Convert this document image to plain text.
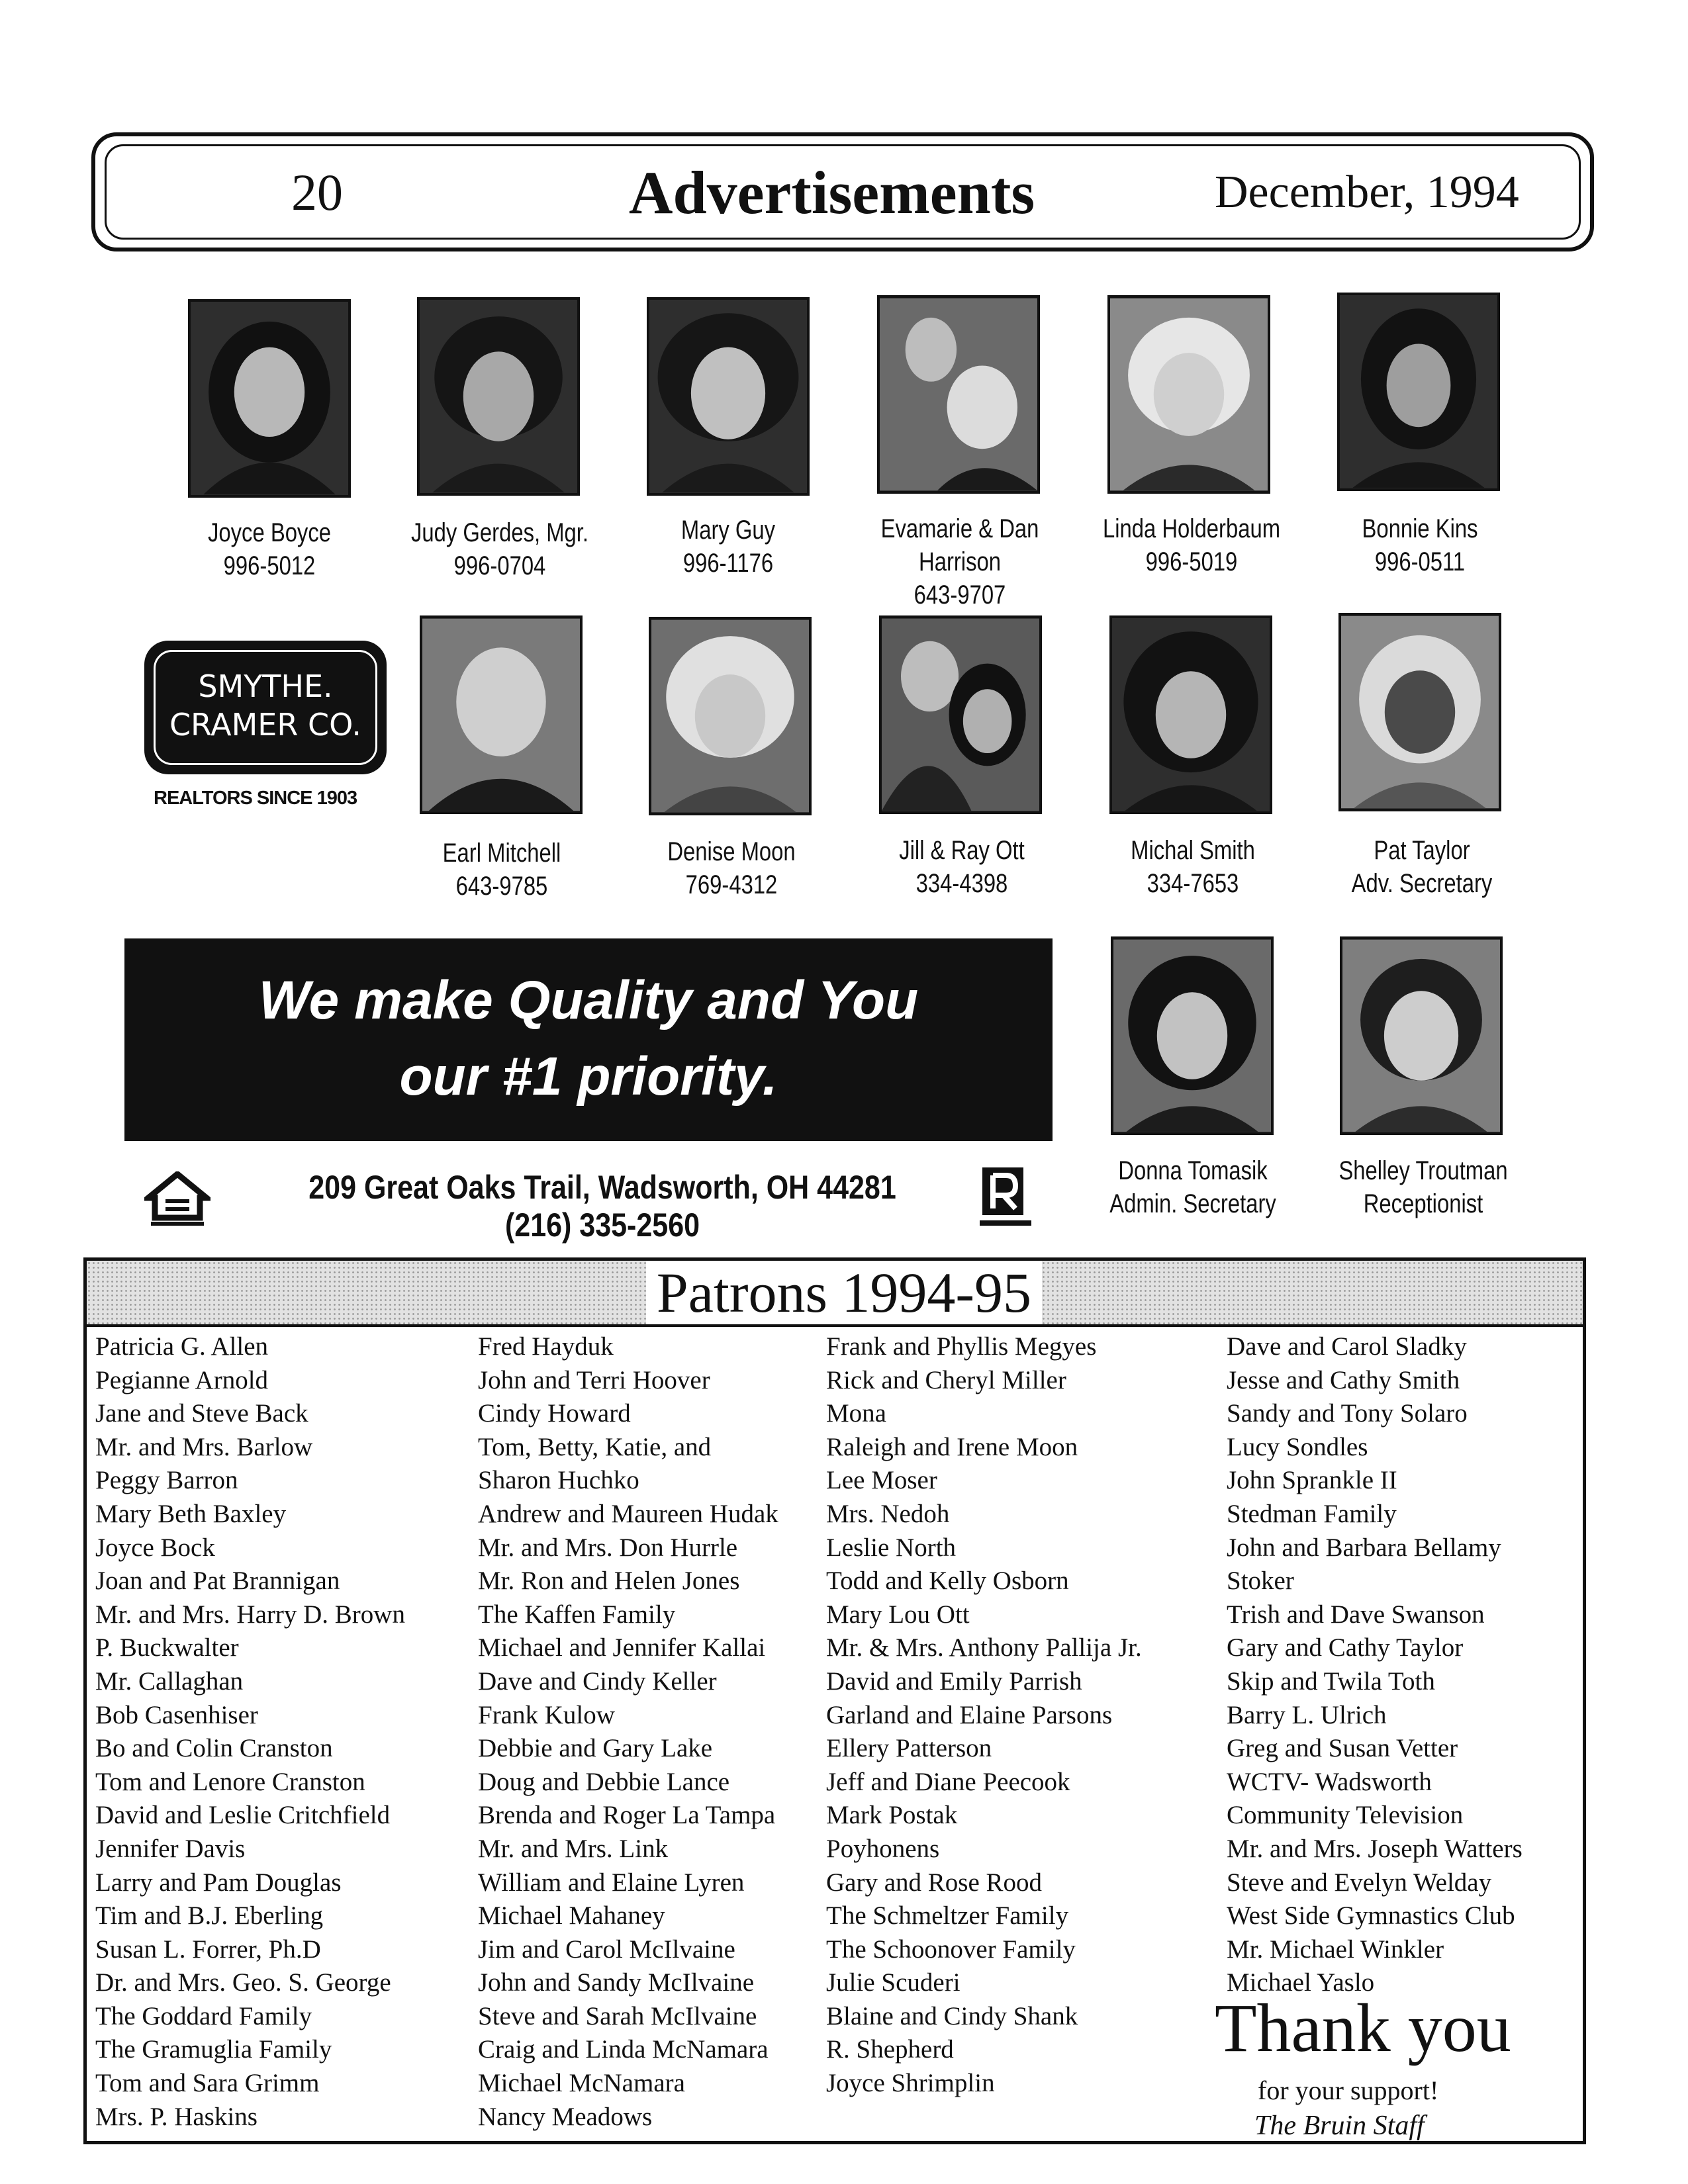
20	Advertisements	December, 1994
Joyce Boyce
996-5012
Judy Gerdes, Mgr.
996-0704
Mary Guy
996-1176
Evamarie & Dan Harrison
643-9707
Linda Holderbaum
996-5019
Bonnie Kins
996-0511
SMYTHE.
CRAMER CO.
REALTORS SINCE 1903
Earl Mitchell
643-9785
Denise Moon
769-4312
Jill & Ray Ott
334-4398
Michal Smith
334-7653
Pat Taylor
Adv. Secretary
We make Quality and You
our #1 priority.
Donna Tomasik
Admin. Secretary
Shelley Troutman
Receptionist
209 Great Oaks Trail, Wadsworth, OH 44281
(216) 335-2560
Patrons 1994-95
Patricia G. Allen
Pegianne Arnold
Jane and Steve Back
Mr. and Mrs. Barlow
Peggy Barron
Mary Beth Baxley
Joyce Bock
Joan and Pat Brannigan
Mr. and Mrs. Harry D. Brown
P. Buckwalter
Mr. Callaghan
Bob Casenhiser
Bo and Colin Cranston
Tom and Lenore Cranston
David and Leslie Critchfield
Jennifer Davis
Larry and Pam Douglas
Tim and B.J. Eberling
Susan L. Forrer, Ph.D
Dr. and Mrs. Geo. S. George
The Goddard Family
The Gramuglia Family
Tom and Sara Grimm
Mrs. P. Haskins
Fred Hayduk
John and Terri Hoover
Cindy Howard
Tom, Betty, Katie, and
Sharon Huchko
Andrew and Maureen Hudak
Mr. and Mrs. Don Hurrle
Mr. Ron and Helen Jones
The Kaffen Family
Michael and Jennifer Kallai
Dave and Cindy Keller
Frank Kulow
Debbie and Gary Lake
Doug and Debbie Lance
Brenda and Roger La Tampa
Mr. and Mrs. Link
William and Elaine Lyren
Michael Mahaney
Jim and Carol McIlvaine
John and Sandy McIlvaine
Steve and Sarah McIlvaine
Craig and Linda McNamara
Michael McNamara
Nancy Meadows
Frank and Phyllis Megyes
Rick and Cheryl Miller
Mona
Raleigh and Irene Moon
Lee Moser
Mrs. Nedoh
Leslie North
Todd and Kelly Osborn
Mary Lou Ott
Mr. & Mrs. Anthony Pallija Jr.
David and Emily Parrish
Garland and Elaine Parsons
Ellery Patterson
Jeff and Diane Peecook
Mark Postak
Poyhonens
Gary and Rose Rood
The Schmeltzer Family
The Schoonover Family
Julie Scuderi
Blaine and Cindy Shank
R. Shepherd
Joyce Shrimplin
Dave and Carol Sladky
Jesse and Cathy Smith
Sandy and Tony Solaro
Lucy Sondles
John Sprankle II
Stedman Family
John and Barbara Bellamy
Stoker
Trish and Dave Swanson
Gary and Cathy Taylor
Skip and Twila Toth
Barry L. Ulrich
Greg and Susan Vetter
WCTV- Wadsworth
Community Television
Mr. and Mrs. Joseph Watters
Steve and Evelyn Welday
West Side Gymnastics Club
Mr. Michael Winkler
Michael Yaslo
Thank you
for your support!
The Bruin Staff
